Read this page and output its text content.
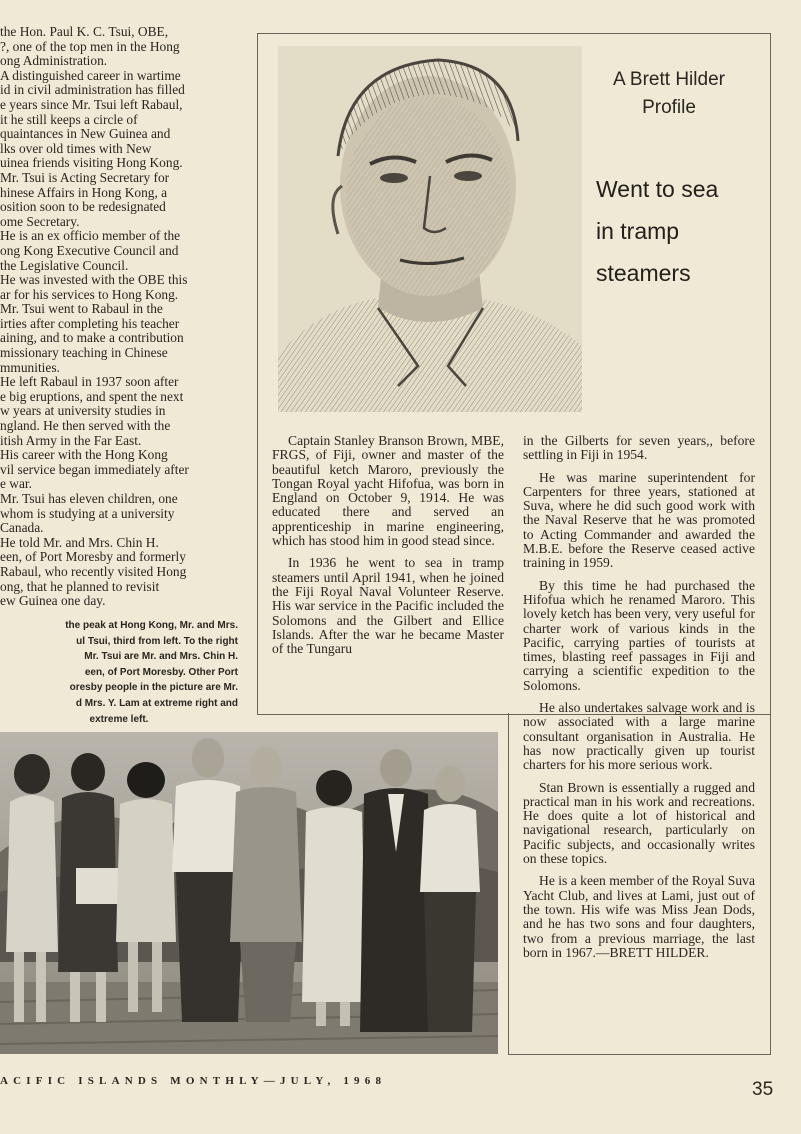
the Hon. Paul K. C. Tsui, OBE,

?, one of the top men in the Hong

ong Administration.

A distinguished career in wartime

id in civil administration has filled

e years since Mr. Tsui left Rabaul,

it he still keeps a circle of

quaintances in New Guinea and

lks over old times with New

uinea friends visiting Hong Kong.

Mr. Tsui is Acting Secretary for

hinese Affairs in Hong Kong, a

osition soon to be redesignated

ome Secretary.

He is an ex officio member of the

ong Kong Executive Council and

the Legislative Council.

He was invested with the OBE this

ar for his services to Hong Kong.

Mr. Tsui went to Rabaul in the

irties after completing his teacher

aining, and to make a contribution

missionary teaching in Chinese

mmunities.

He left Rabaul in 1937 soon after

e big eruptions, and spent the next

w years at university studies in

ngland. He then served with the

itish Army in the Far East.

His career with the Hong Kong

vil service began immediately after

e war.

Mr. Tsui has eleven children, one

whom is studying at a university

Canada.

He told Mr. and Mrs. Chin H.

een, of Port Moresby and formerly

Rabaul, who recently visited Hong

ong, that he planned to revisit

ew Guinea one day.

the peak at Hong Kong, Mr. and Mrs.
ul Tsui, third from left. To the right
Mr. Tsui are Mr. and Mrs. Chin H.
een, of Port Moresby. Other Port
oresby people in the picture are Mr.
d Mrs. Y. Lam at extreme right and
extreme left.
A Brett Hilder
Profile
Went to sea
in tramp
steamers

Captain Stanley Branson Brown, MBE, FRGS, of Fiji, owner and master of the beautiful ketch Maroro, previously the Tongan Royal yacht Hifofua, was born in England on October 9, 1914. He was educated there and served an apprenticeship in marine engineering, which has stood him in good stead since.

In 1936 he went to sea in tramp steamers until April 1941, when he joined the Fiji Royal Naval Volunteer Reserve. His war service in the Pacific included the Solomons and the Gilbert and Ellice Islands. After the war he became Master of the Tungaru

in the Gilberts for seven years,, before settling in Fiji in 1954.

He was marine superintendent for Carpenters for three years, stationed at Suva, where he did such good work with the Naval Reserve that he was promoted to Acting Commander and awarded the M.B.E. before the Reserve ceased active training in 1959.

By this time he had purchased the Hifofua which he renamed Maroro. This lovely ketch has been very, very useful for charter work of various kinds in the Pacific, carrying parties of tourists at times, blasting reef passages in Fiji and carrying a scientific expedition to the Solomons.

He also undertakes salvage work and is now associated with a large marine consultant organisation in Australia. He has now practically given up tourist charters for his more serious work.

Stan Brown is essentially a rugged and practical man in his work and recreations. He does quite a lot of historical and navigational research, particularly on Pacific subjects, and occasionally writes on these topics.

He is a keen member of the Royal Suva Yacht Club, and lives at Lami, just out of the town. His wife was Miss Jean Dods, and he has two sons and four daughters, two from a previous marriage, the last born in 1967.—BRETT HILDER.

ACIFIC ISLANDS MONTHLY—JULY, 1968	35
